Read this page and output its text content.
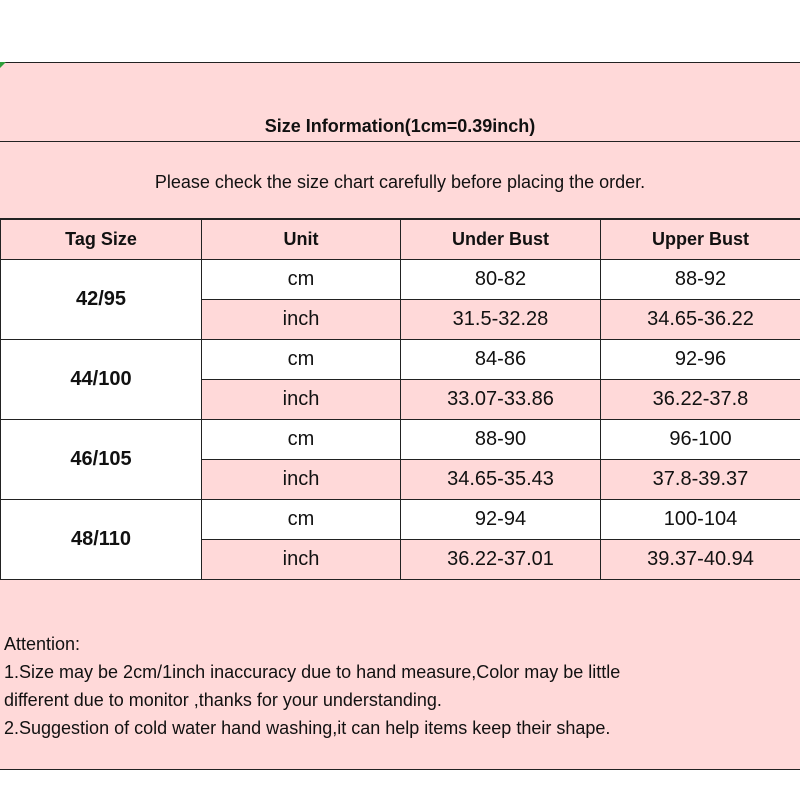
Size Information(1cm=0.39inch)
Please check the size chart carefully before placing the order.
Tag Size	Unit	Under Bust	Upper Bust
42/95	cm	80-82	88-92
	inch	31.5-32.28	34.65-36.22
44/100	cm	84-86	92-96
	inch	33.07-33.86	36.22-37.8
46/105	cm	88-90	96-100
	inch	34.65-35.43	37.8-39.37
48/110	cm	92-94	100-104
	inch	36.22-37.01	39.37-40.94
Attention:
1.Size may be 2cm/1inch inaccuracy due to hand measure,Color may be little
different due to monitor ,thanks for your understanding.
2.Suggestion of cold water hand washing,it can help items keep their shape.
